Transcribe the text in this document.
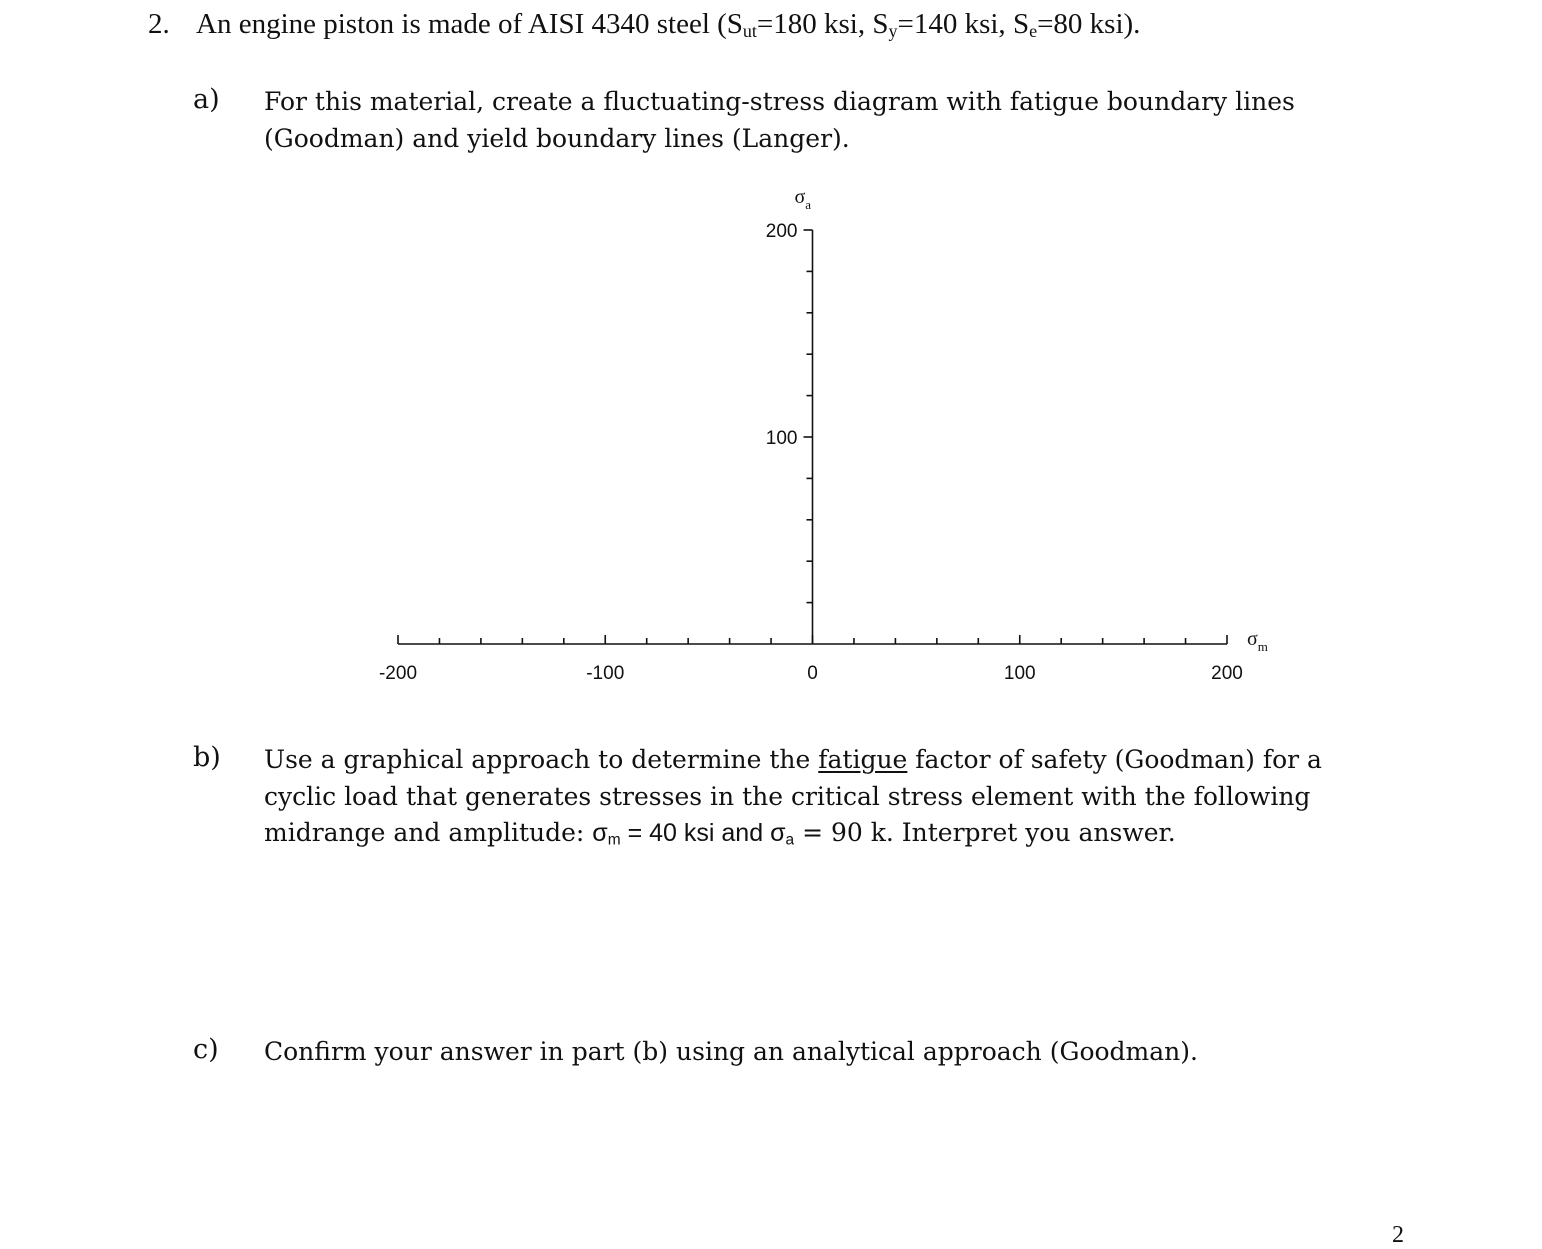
2. An engine piston is made of AISI 4340 steel ($S_{ut}=180$ ksi, $S_y=140$ ksi, $S_e=80$ ksi).
a) For this material, create a fluctuating-stress diagram with fatigue boundary lines
(Goodman) and yield boundary lines (Langer).
-200	-100	0	100	200
100
200
$\sigma_a$
$\sigma_m$
b) Use a graphical approach to determine the fatigue factor of safety (Goodman) for a
cyclic load that generates stresses in the critical stress element with the following
midrange and amplitude: $\sigma_m = 40$ ksi and $\sigma_a = 90$ k. Interpret you answer.
c) Confirm your answer in part (b) using an analytical approach (Goodman).
2
